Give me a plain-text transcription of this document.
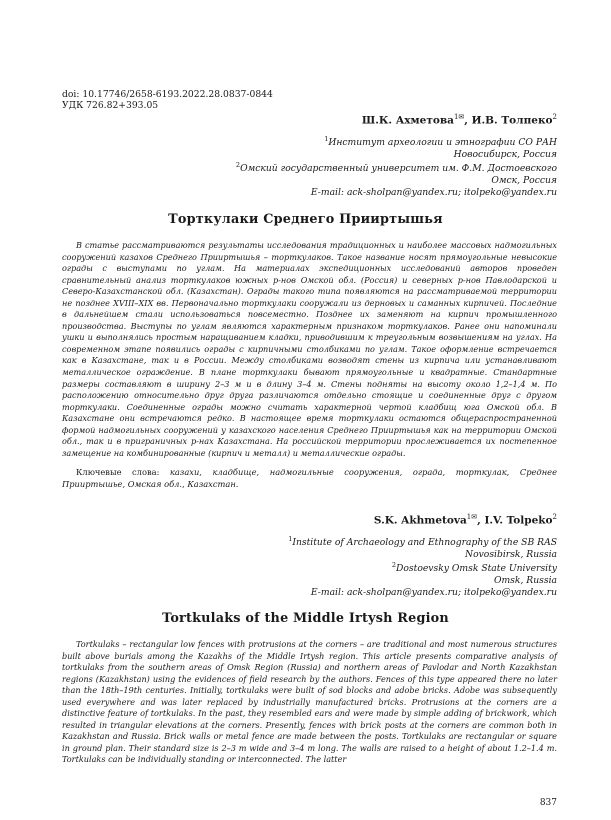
doi: 10.17746/2658-6193.2022.28.0837-0844
УДК 726.82+393.05
Ш.К. Ахметова$^{1✉}$, И.В. Толпеко$^2$
$^1$Институт археологии и этнографии СО РАН
Новосибирск, Россия
$^2$Омский государственный университет им. Ф.М. Достоевского
Омск, Россия
E-mail: ack-sholpan@yandex.ru; itolpeko@yandex.ru
Торткулаки Среднего Прииртышья

В статье рассматриваются результаты исследования традиционных и наиболее массовых надмогильных сооружений казахов Среднего Прииртышья – торткулаков. Такое название носят прямоугольные невысокие ограды с выступами по углам. На материалах экспедиционных исследований авторов проведен сравнительный анализ торткулаков южных р-нов Омской обл. (Россия) и северных р-нов Павлодарской и Северо-Казахстанской обл. (Казахстан). Ограды такого типа появляются на рассматриваемой территории не позднее XVIII–XIX вв. Первоначально торткулаки сооружали из дерновых и саманных кирпичей. Последние в дальнейшем стали использоваться повсеместно. Позднее их заменяют на кирпич промышленного производства. Выступы по углам являются характерным признаком торткулаков. Ранее они напоминали ушки и выполнялись простым наращиванием кладки, приводившим к треугольным возвышениям на углах. На современном этапе появились ограды с кирпичными столбиками по углам. Такое оформление встречается как в Казахстане, так и в России. Между столбиками возводят стены из кирпича или устанавливают металлическое ограждение. В плане торткулаки бывают прямоугольные и квадратные. Стандартные размеры составляют в ширину 2–3 м и в длину 3–4 м. Стены подняты на высоту около 1,2–1,4 м. По расположению относительно друг друга различаются отдельно стоящие и соединенные друг с другом торткулаки. Соединенные ограды можно считать характерной чертой кладбищ юга Омской обл. В Казахстане они встречаются редко. В настоящее время торткулаки остаются общераспространенной формой надмогильных сооружений у казахского населения Среднего Прииртышья как на территории Омской обл., так и в приграничных р-нах Казахстана. На российской территории прослеживается их постепенное замещение на комбинированные (кирпич и металл) и металлические ограды.

Ключевые слова: казахи, кладбище, надмогильные сооружения, ограда, торткулак, Среднее Прииртышье, Омская обл., Казахстан.

S.K. Akhmetova$^{1✉}$, I.V. Tolpeko$^2$
$^1$Institute of Archaeology and Ethnography of the SB RAS
Novosibirsk, Russia
$^2$Dostoevsky Omsk State University
Omsk, Russia
E-mail: ack-sholpan@yandex.ru; itolpeko@yandex.ru
Tortkulaks of the Middle Irtysh Region

Tortkulaks – rectangular low fences with protrusions at the corners – are traditional and most numerous structures built above burials among the Kazakhs of the Middle Irtysh region. This article presents comparative analysis of tortkulaks from the southern areas of Omsk Region (Russia) and northern areas of Pavlodar and North Kazakhstan regions (Kazakhstan) using the evidences of field research by the authors. Fences of this type appeared there no later than the 18th–19th centuries. Initially, tortkulaks were built of sod blocks and adobe bricks. Adobe was subsequently used everywhere and was later replaced by industrially manufactured bricks. Protrusions at the corners are a distinctive feature of tortkulaks. In the past, they resembled ears and were made by simple adding of brickwork, which resulted in triangular elevations at the corners. Presently, fences with brick posts at the corners are common both in Kazakhstan and Russia. Brick walls or metal fence are made between the posts. Tortkulaks are rectangular or square in ground plan. Their standard size is 2–3 m wide and 3–4 m long. The walls are raised to a height of about 1.2–1.4 m. Tortkulaks can be individually standing or interconnected. The latter

837
